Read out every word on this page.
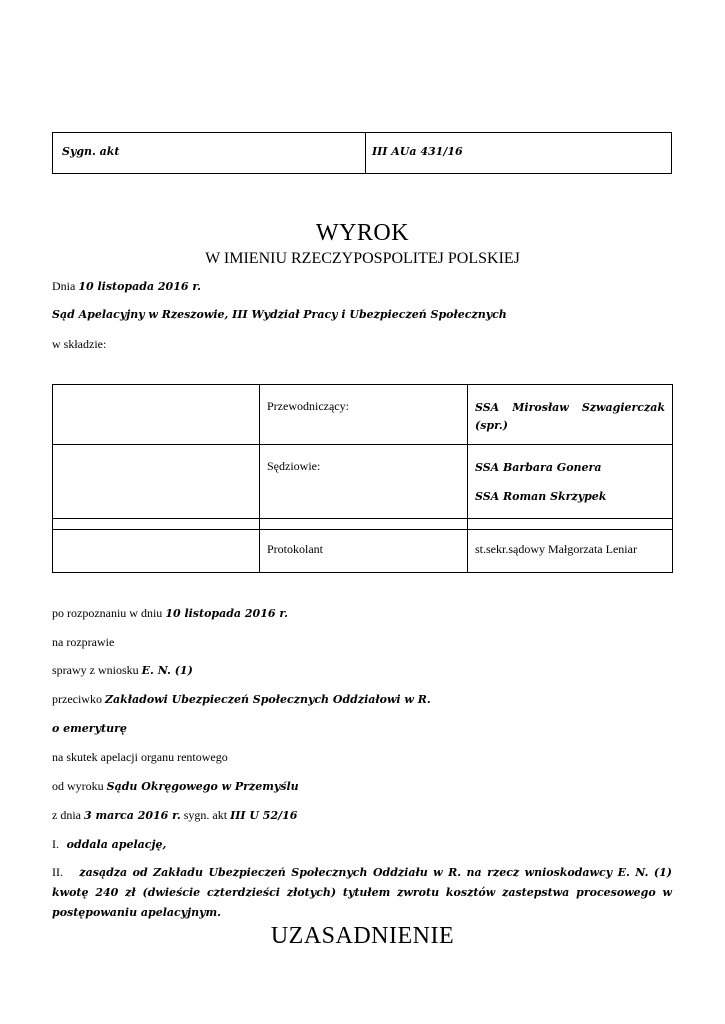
Sygn. akt	III AUa 431/16
WYROK
W IMIENIU RZECZYPOSPOLITEJ POLSKIEJ
Dnia 10 listopada 2016 r.
Sąd Apelacyjny w Rzeszowie, III Wydział Pracy i Ubezpieczeń Społecznych
w składzie:

	Przewodniczący:	SSA Mirosław Szwagierczak (spr.)

	Sędziowie:	SSA Barbara Gonera
SSA Roman Skrzypek

	Protokolant	st.sekr.sądowy Małgorzata Leniar
po rozpoznaniu w dniu 10 listopada 2016 r.
na rozprawie
sprawy z wniosku E. N. (1)
przeciwko Zakładowi Ubezpieczeń Społecznych Oddziałowi w R.
o emeryturę
na skutek apelacji organu rentowego
od wyroku Sądu Okręgowego w Przemyślu
z dnia 3 marca 2016 r. sygn. akt III U 52/16
I. oddala apelację,
II. zasądza od Zakładu Ubezpieczeń Społecznych Oddziału w R. na rzecz wnioskodawcy E. N. (1) kwotę 240 zł (dwieście czterdzieści złotych) tytułem zwrotu kosztów zastepstwa procesowego w postępowaniu apelacyjnym.
UZASADNIENIE
